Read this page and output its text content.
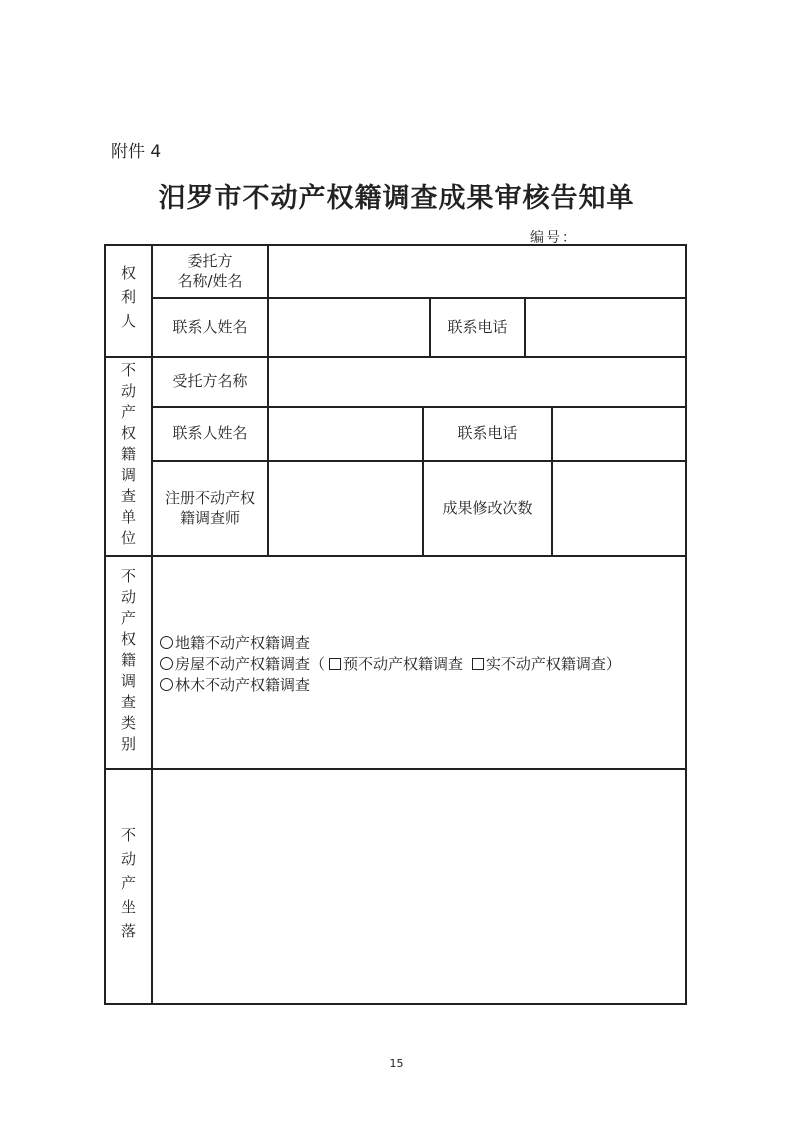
附件 4
汨罗市不动产权籍调查成果审核告知单
编号：
权利人
不动产权籍调查单位
不动产权籍调查类别
不动产坐落
委托方
名称/姓名
联系人姓名	联系电话
受托方名称
联系人姓名	联系电话
注册不动产权
籍调查师
成果修改次数
地籍不动产权籍调查
房屋不动产权籍调查（ 预不动产权籍调查 实不动产权籍调查）
林木不动产权籍调查
15
